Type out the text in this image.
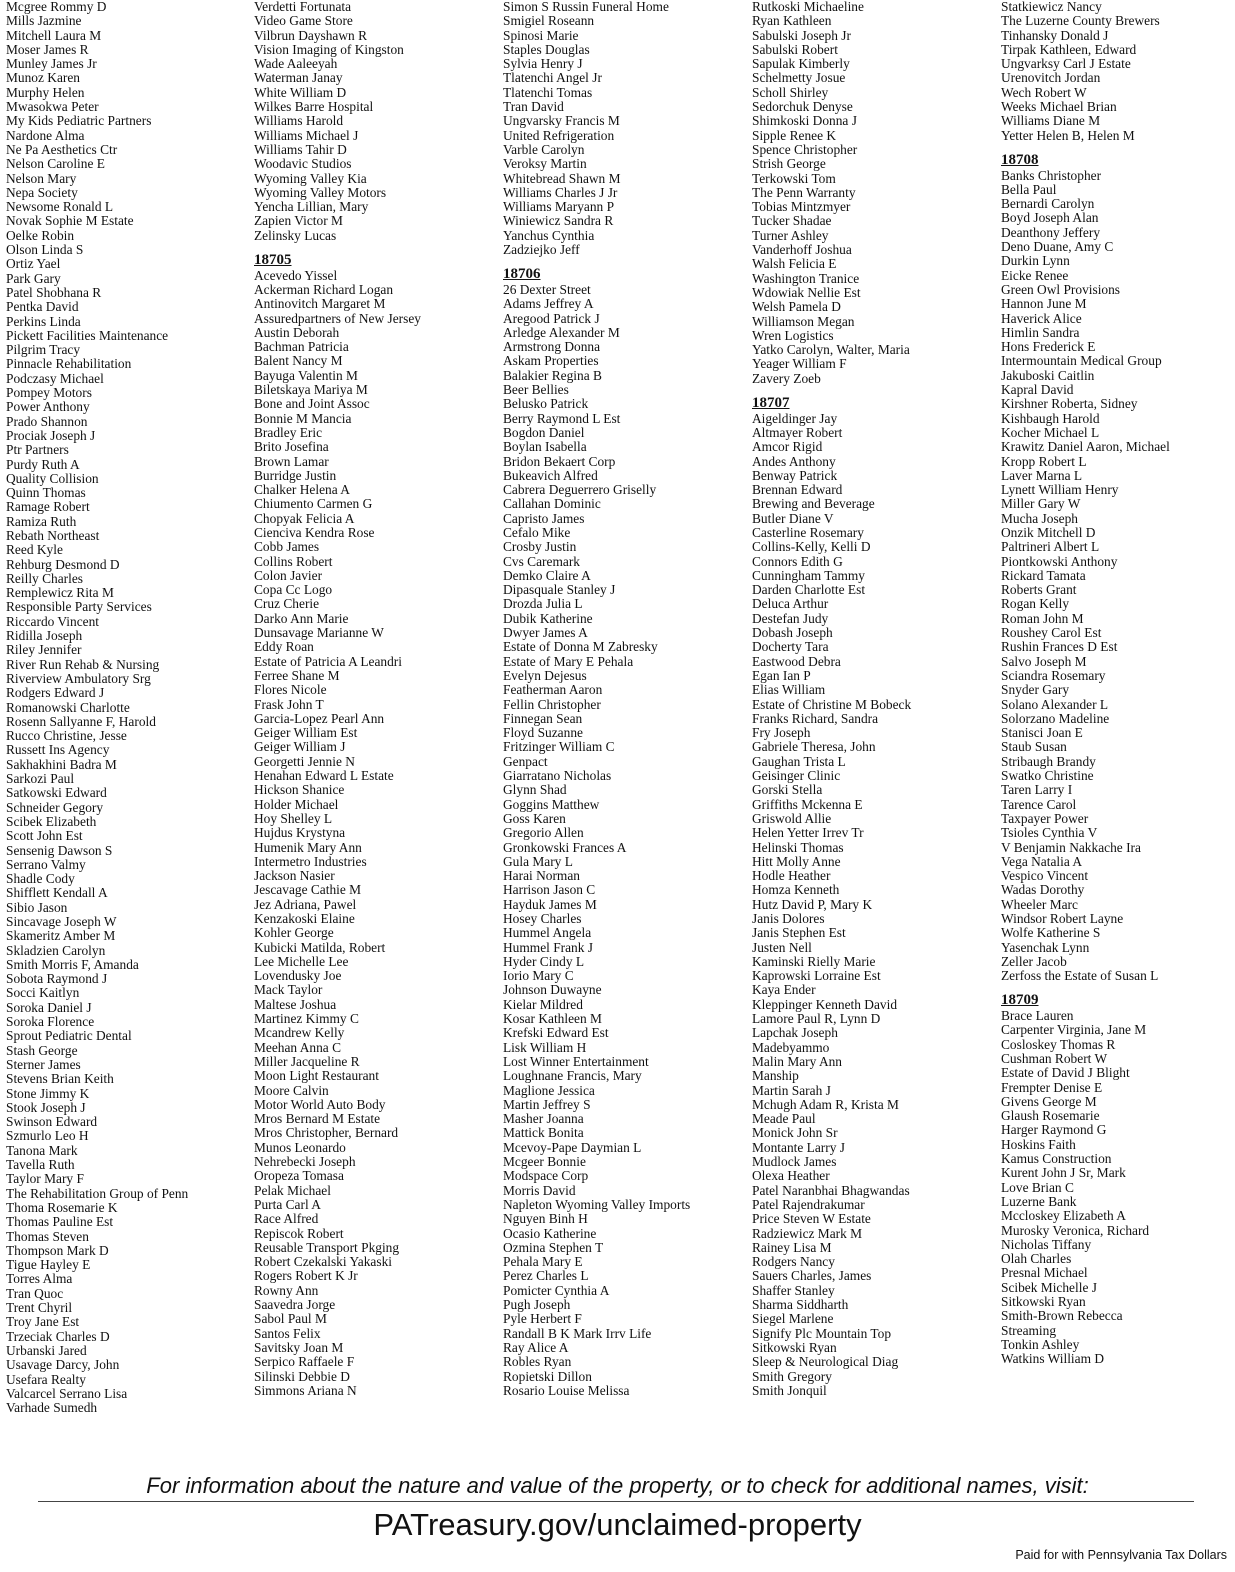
Mcgree Rommy D
Mills Jazmine
Mitchell Laura M
Moser James R
Munley James Jr
Munoz Karen
Murphy Helen
Mwasokwa Peter
My Kids Pediatric Partners
Nardone Alma
Ne Pa Aesthetics Ctr
Nelson Caroline E
Nelson Mary
Nepa Society
Newsome Ronald L
Novak Sophie M Estate
Oelke Robin
Olson Linda S
Ortiz Yael
Park Gary
Patel Shobhana R
Pentka David
Perkins Linda
Pickett Facilities Maintenance
Pilgrim Tracy
Pinnacle Rehabilitation
Podczasy Michael
Pompey Motors
Power Anthony
Prado Shannon
Prociak Joseph J
Ptr Partners
Purdy Ruth A
Quality Collision
Quinn Thomas
Ramage Robert
Ramiza Ruth
Rebath Northeast
Reed Kyle
Rehburg Desmond D
Reilly Charles
Remplewicz Rita M
Responsible Party Services
Riccardo Vincent
Ridilla Joseph
Riley Jennifer
River Run Rehab & Nursing
Riverview Ambulatory Srg
Rodgers Edward J
Romanowski Charlotte
Rosenn Sallyanne F, Harold
Rucco Christine, Jesse
Russett Ins Agency
Sakhakhini Badra M
Sarkozi Paul
Satkowski Edward
Schneider Gegory
Scibek Elizabeth
Scott John Est
Sensenig Dawson S
Serrano Valmy
Shadle Cody
Shifflett Kendall A
Sibio Jason
Sincavage Joseph W
Skameritz Amber M
Skladzien Carolyn
Smith Morris F, Amanda
Sobota Raymond J
Socci Kaitlyn
Soroka Daniel J
Soroka Florence
Sprout Pediatric Dental
Stash George
Sterner James
Stevens Brian Keith
Stone Jimmy K
Stook Joseph J
Swinson Edward
Szmurlo Leo H
Tanona Mark
Tavella Ruth
Taylor Mary F
The Rehabilitation Group of Penn
Thoma Rosemarie K
Thomas Pauline Est
Thomas Steven
Thompson Mark D
Tigue Hayley E
Torres Alma
Tran Quoc
Trent Chyril
Troy Jane Est
Trzeciak Charles D
Urbanski Jared
Usavage Darcy, John
Usefara Realty
Valcarcel Serrano Lisa
Varhade Sumedh
Verdetti Fortunata
Video Game Store
Vilbrun Dayshawn R
Vision Imaging of Kingston
Wade Aaleeyah
Waterman Janay
White William D
Wilkes Barre Hospital
Williams Harold
Williams Michael J
Williams Tahir D
Woodavic Studios
Wyoming Valley Kia
Wyoming Valley Motors
Yencha Lillian, Mary
Zapien Victor M
Zelinsky Lucas
18705
Acevedo Yissel
Ackerman Richard Logan
Antinovitch Margaret M
Assuredpartners of New Jersey
Austin Deborah
Bachman Patricia
Balent Nancy M
Bayuga Valentin M
Biletskaya Mariya M
Bone and Joint Assoc
Bonnie M Mancia
Bradley Eric
Brito Josefina
Brown Lamar
Burridge Justin
Chalker Helena A
Chiumento Carmen G
Chopyak Felicia A
Cienciva Kendra Rose
Cobb James
Collins Robert
Colon Javier
Copa Cc Logo
Cruz Cherie
Darko Ann Marie
Dunsavage Marianne W
Eddy Roan
Estate of Patricia A Leandri
Ferree Shane M
Flores Nicole
Frask John T
Garcia-Lopez Pearl Ann
Geiger William Est
Geiger William J
Georgetti Jennie N
Henahan Edward L Estate
Hickson Shanice
Holder Michael
Hoy Shelley L
Hujdus Krystyna
Humenik Mary Ann
Intermetro Industries
Jackson Nasier
Jescavage Cathie M
Jez Adriana, Pawel
Kenzakoski Elaine
Kohler George
Kubicki Matilda, Robert
Lee Michelle Lee
Lovendusky Joe
Mack Taylor
Maltese Joshua
Martinez Kimmy C
Mcandrew Kelly
Meehan Anna C
Miller Jacqueline R
Moon Light Restaurant
Moore Calvin
Motor World Auto Body
Mros Bernard M Estate
Mros Christopher, Bernard
Munos Leonardo
Nehrebecki Joseph
Oropeza Tomasa
Pelak Michael
Purta Carl A
Race Alfred
Repiscok Robert
Reusable Transport Pkging
Robert Czekalski Yakaski
Rogers Robert K Jr
Rowny Ann
Saavedra Jorge
Sabol Paul M
Santos Felix
Savitsky Joan M
Serpico Raffaele F
Silinski Debbie D
Simmons Ariana N
Simon S Russin Funeral Home
Smigiel Roseann
Spinosi Marie
Staples Douglas
Sylvia Henry J
Tlatenchi Angel Jr
Tlatenchi Tomas
Tran David
Ungvarsky Francis M
United Refrigeration
Varble Carolyn
Veroksy Martin
Whitebread Shawn M
Williams Charles J Jr
Williams Maryann P
Winiewicz Sandra R
Yanchus Cynthia
Zadziejko Jeff
18706
26 Dexter Street
Adams Jeffrey A
Aregood Patrick J
Arledge Alexander M
Armstrong Donna
Askam Properties
Balakier Regina B
Beer Bellies
Belusko Patrick
Berry Raymond L Est
Bogdon Daniel
Boylan Isabella
Bridon Bekaert Corp
Bukeavich Alfred
Cabrera Deguerrero Griselly
Callahan Dominic
Capristo James
Cefalo Mike
Crosby Justin
Cvs Caremark
Demko Claire A
Dipasquale Stanley J
Drozda Julia L
Dubik Katherine
Dwyer James A
Estate of Donna M Zabresky
Estate of Mary E Pehala
Evelyn Dejesus
Featherman Aaron
Fellin Christopher
Finnegan Sean
Floyd Suzanne
Fritzinger William C
Genpact
Giarratano Nicholas
Glynn Shad
Goggins Matthew
Goss Karen
Gregorio Allen
Gronkowski Frances A
Gula Mary L
Harai Norman
Harrison Jason C
Hayduk James M
Hosey Charles
Hummel Angela
Hummel Frank J
Hyder Cindy L
Iorio Mary C
Johnson Duwayne
Kielar Mildred
Kosar Kathleen M
Krefski Edward Est
Lisk William H
Lost Winner Entertainment
Loughnane Francis, Mary
Maglione Jessica
Martin Jeffrey S
Masher Joanna
Mattick Bonita
Mcevoy-Pape Daymian L
Mcgeer Bonnie
Modspace Corp
Morris David
Napleton Wyoming Valley Imports
Nguyen Binh H
Ocasio Katherine
Ozmina Stephen T
Pehala Mary E
Perez Charles L
Pomicter Cynthia A
Pugh Joseph
Pyle Herbert F
Randall B K Mark Irrv Life
Ray Alice A
Robles Ryan
Ropietski Dillon
Rosario Louise Melissa
Rutkoski Michaeline
Ryan Kathleen
Sabulski Joseph Jr
Sabulski Robert
Sapulak Kimberly
Schelmetty Josue
Scholl Shirley
Sedorchuk Denyse
Shimkoski Donna J
Sipple Renee K
Spence Christopher
Strish George
Terkowski Tom
The Penn Warranty
Tobias Mintzmyer
Tucker Shadae
Turner Ashley
Vanderhoff Joshua
Walsh Felicia E
Washington Tranice
Wdowiak Nellie Est
Welsh Pamela D
Williamson Megan
Wren Logistics
Yatko Carolyn, Walter, Maria
Yeager William F
Zavery Zoeb
18707
Aigeldinger Jay
Altmayer Robert
Amcor Rigid
Andes Anthony
Benway Patrick
Brennan Edward
Brewing and Beverage
Butler Diane V
Casterline Rosemary
Collins-Kelly, Kelli D
Connors Edith G
Cunningham Tammy
Darden Charlotte Est
Deluca Arthur
Destefan Judy
Dobash Joseph
Docherty Tara
Eastwood Debra
Egan Ian P
Elias William
Estate of Christine M Bobeck
Franks Richard, Sandra
Fry Joseph
Gabriele Theresa, John
Gaughan Trista L
Geisinger Clinic
Gorski Stella
Griffiths Mckenna E
Griswold Allie
Helen Yetter Irrev Tr
Helinski Thomas
Hitt Molly Anne
Hodle Heather
Homza Kenneth
Hutz David P, Mary K
Janis Dolores
Janis Stephen Est
Justen Nell
Kaminski Rielly Marie
Kaprowski Lorraine Est
Kaya Ender
Kleppinger Kenneth David
Lamore Paul R, Lynn D
Lapchak Joseph
Madebyammo
Malin Mary Ann
Manship
Martin Sarah J
Mchugh Adam R, Krista M
Meade Paul
Monick John Sr
Montante Larry J
Mudlock James
Olexa Heather
Patel Naranbhai Bhagwandas
Patel Rajendrakumar
Price Steven W Estate
Radziewicz Mark M
Rainey Lisa M
Rodgers Nancy
Sauers Charles, James
Shaffer Stanley
Sharma Siddharth
Siegel Marlene
Signify Plc Mountain Top
Sitkowski Ryan
Sleep & Neurological Diag
Smith Gregory
Smith Jonquil
Statkiewicz Nancy
The Luzerne County Brewers
Tinhansky Donald J
Tirpak Kathleen, Edward
Ungvarksy Carl J Estate
Urenovitch Jordan
Wech Robert W
Weeks Michael Brian
Williams Diane M
Yetter Helen B, Helen M
18708
Banks Christopher
Bella Paul
Bernardi Carolyn
Boyd Joseph Alan
Deanthony Jeffery
Deno Duane, Amy C
Durkin Lynn
Eicke Renee
Green Owl Provisions
Hannon June M
Haverick Alice
Himlin Sandra
Hons Frederick E
Intermountain Medical Group
Jakuboski Caitlin
Kapral David
Kirshner Roberta, Sidney
Kishbaugh Harold
Kocher Michael L
Krawitz Daniel Aaron, Michael
Kropp Robert L
Laver Marna L
Lynett William Henry
Miller Gary W
Mucha Joseph
Onzik Mitchell D
Paltrineri Albert L
Piontkowski Anthony
Rickard Tamata
Roberts Grant
Rogan Kelly
Roman John M
Roushey Carol Est
Rushin Frances D Est
Salvo Joseph M
Sciandra Rosemary
Snyder Gary
Solano Alexander L
Solorzano Madeline
Stanisci Joan E
Staub Susan
Stribaugh Brandy
Swatko Christine
Taren Larry I
Tarence Carol
Taxpayer Power
Tsioles Cynthia V
V Benjamin Nakkache Ira
Vega Natalia A
Vespico Vincent
Wadas Dorothy
Wheeler Marc
Windsor Robert Layne
Wolfe Katherine S
Yasenchak Lynn
Zeller Jacob
Zerfoss the Estate of Susan L
18709
Brace Lauren
Carpenter Virginia, Jane M
Cosloskey Thomas R
Cushman Robert W
Estate of David J Blight
Frempter Denise E
Givens George M
Glaush Rosemarie
Harger Raymond G
Hoskins Faith
Kamus Construction
Kurent John J Sr, Mark
Love Brian C
Luzerne Bank
Mccloskey Elizabeth A
Murosky Veronica, Richard
Nicholas Tiffany
Olah Charles
Presnal Michael
Scibek Michelle J
Sitkowski Ryan
Smith-Brown Rebecca
Streaming
Tonkin Ashley
Watkins William D
For information about the nature and value of the property, or to check for additional names, visit:
PATreasury.gov/unclaimed-property
Paid for with Pennsylvania Tax Dollars
